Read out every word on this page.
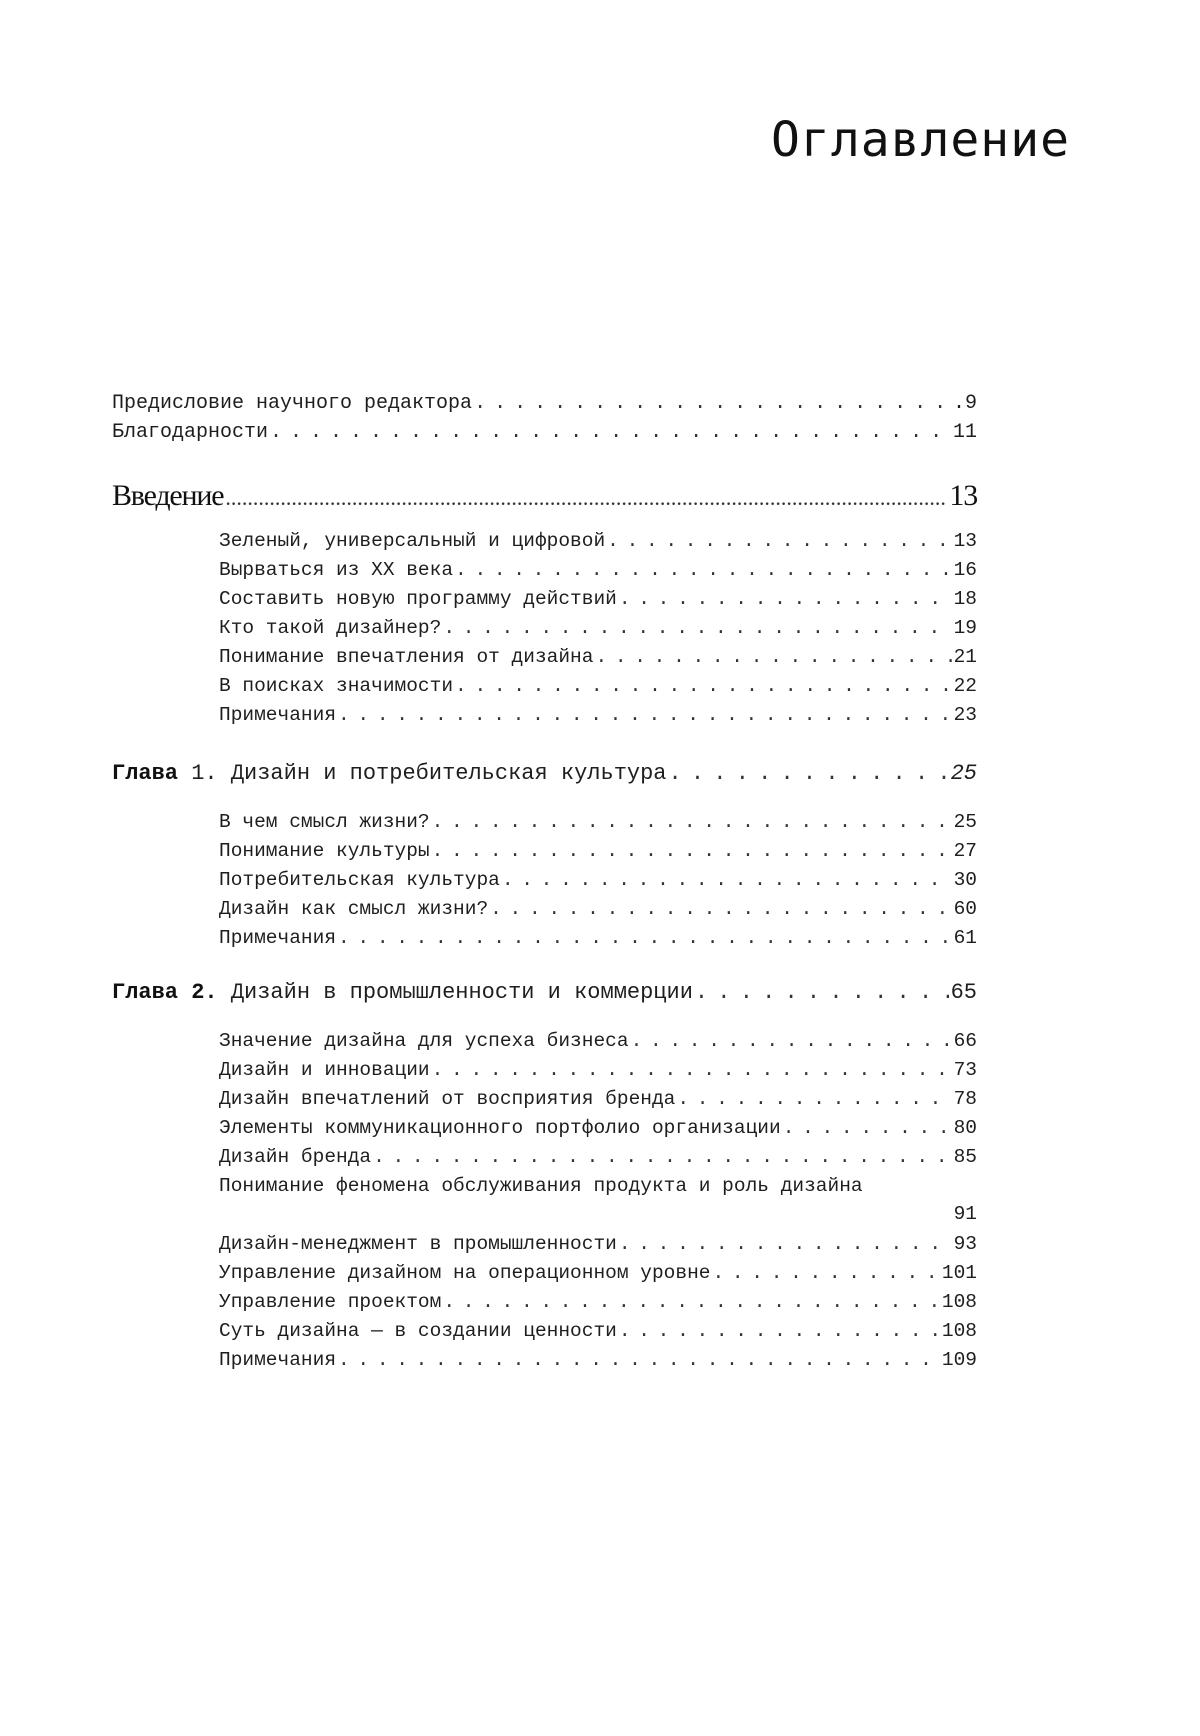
Оглавление
Предисловие научного редактора . . .	.9
Благодарности . . .	11
Введение .....	13
Зеленый, универсальный и цифровой . . .	13
Вырваться из XX века . . .	16
Составить новую программу действий . . .	18
Кто такой дизайнер? . . .	19
Понимание впечатления от дизайна . . .	21
В поисках значимости . . .	22
Примечания . . .	23
Глава 1. Дизайн и потребительская культура . . .	25
В чем смысл жизни? . . .	25
Понимание культуры . . .	27
Потребительская культура . . .	30
Дизайн как смысл жизни? . . .	60
Примечания . . .	61
Глава 2. Дизайн в промышленности и коммерции . . .	65
Значение дизайна для успеха бизнеса . . .	66
Дизайн и инновации . . .	73
Дизайн впечатлений от восприятия бренда . . .	78
Элементы коммуникационного портфолио организации . . .	80
Дизайн бренда . . .	85
Понимание феномена обслуживания продукта и роль дизайна
91
Дизайн-менеджмент в промышленности . . .	93
Управление дизайном на операционном уровне . . .	101
Управление проектом . . .	108
Суть дизайна — в создании ценности . . .	108
Примечания . . .	109
